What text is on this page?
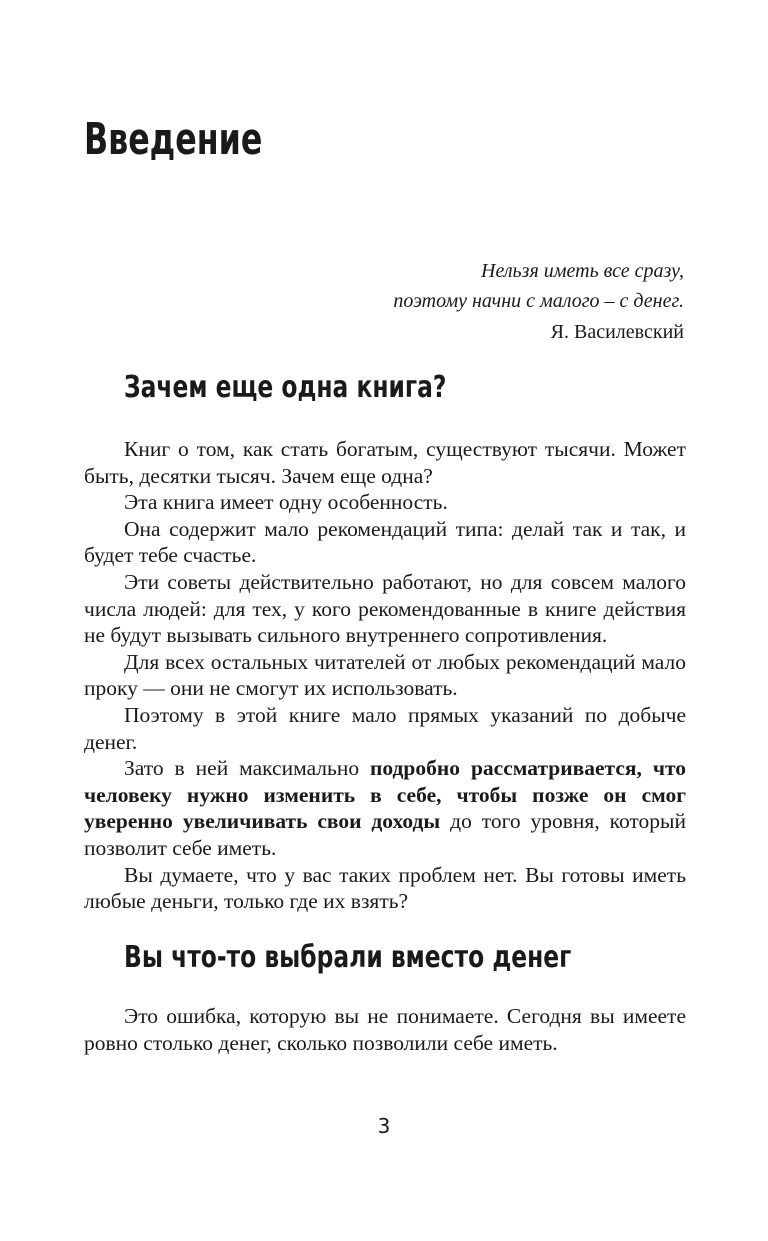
Введение
Нельзя иметь все сразу,
поэтому начни с малого – с денег.
Я. Василевский
Зачем еще одна книга?

Книг о том, как стать богатым, существуют тысячи. Может быть, десятки тысяч. Зачем еще одна?

Эта книга имеет одну особенность.

Она содержит мало рекомендаций типа: делай так и так, и будет тебе счастье.

Эти советы действительно работают, но для совсем малого числа людей: для тех, у кого рекомендованные в книге действия не будут вызывать сильного внутреннего сопротивления.

Для всех остальных читателей от любых рекомендаций мало проку — они не смогут их использовать.

Поэтому в этой книге мало прямых указаний по добыче денег.

Зато в ней максимально подробно рассматривается, что человеку нужно изменить в себе, чтобы позже он смог уверенно увеличивать свои доходы до того уровня, который позволит себе иметь.

Вы думаете, что у вас таких проблем нет. Вы готовы иметь любые деньги, только где их взять?

Вы что-то выбрали вместо денег

Это ошибка, которую вы не понимаете. Сегодня вы имеете ровно столько денег, сколько позволили себе иметь.

3
